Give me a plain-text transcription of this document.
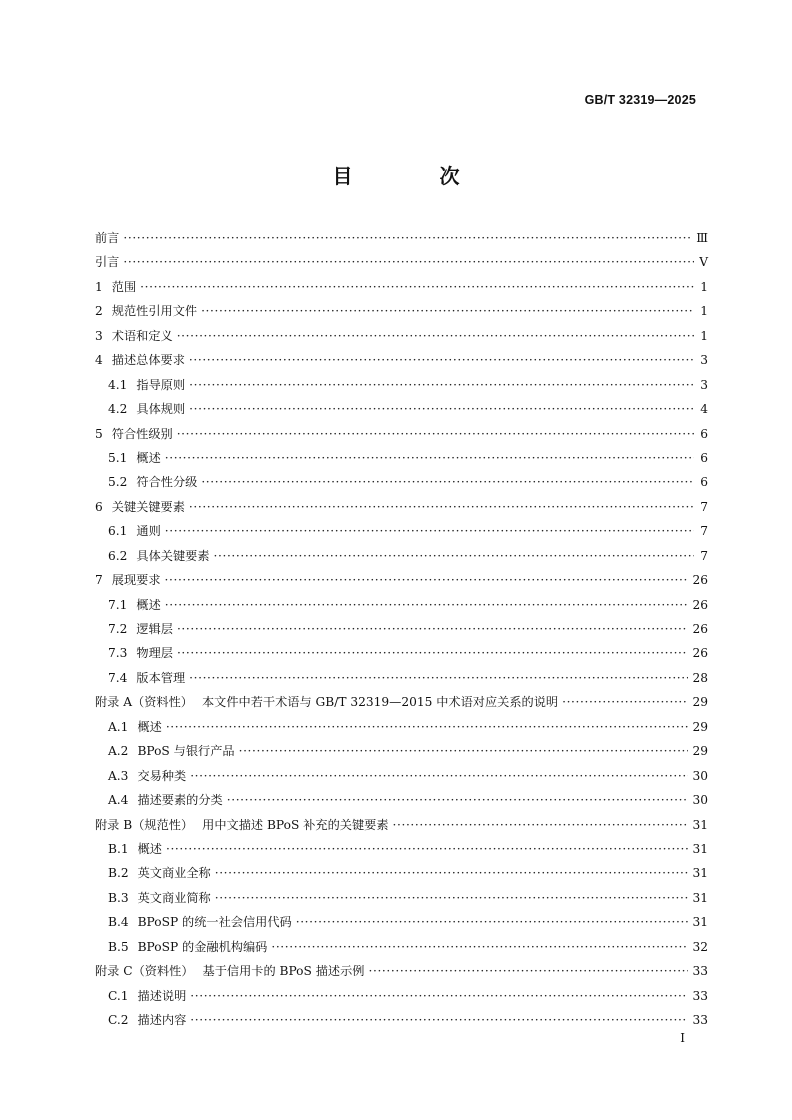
GB/T 32319—2025
目 次
前言 ·····	Ⅲ
引言 ·····	Ⅴ
1 范围 ·····	1
2 规范性引用文件 ·····	1
3 术语和定义 ·····	1
4 描述总体要求 ·····	3
4.1 指导原则 ·····	3
4.2 具体规则 ·····	4
5 符合性级别 ·····	6
5.1 概述 ·····	6
5.2 符合性分级 ·····	6
6 关键关键要素 ·····	7
6.1 通则 ·····	7
6.2 具体关键要素 ·····	7
7 展现要求 ·····	26
7.1 概述 ·····	26
7.2 逻辑层 ·····	26
7.3 物理层 ·····	26
7.4 版本管理 ·····	28
附录 A（资料性） 本文件中若干术语与 GB/T 32319—2015 中术语对应关系的说明 ·····	29
A.1 概述 ·····	29
A.2 BPoS 与银行产品 ·····	29
A.3 交易种类 ·····	30
A.4 描述要素的分类 ·····	30
附录 B（规范性） 用中文描述 BPoS 补充的关键要素 ·····	31
B.1 概述 ·····	31
B.2 英文商业全称 ·····	31
B.3 英文商业简称 ·····	31
B.4 BPoSP 的统一社会信用代码 ·····	31
B.5 BPoSP 的金融机构编码 ·····	32
附录 C（资料性） 基于信用卡的 BPoS 描述示例 ·····	33
C.1 描述说明 ·····	33
C.2 描述内容 ·····	33
Ⅰ
